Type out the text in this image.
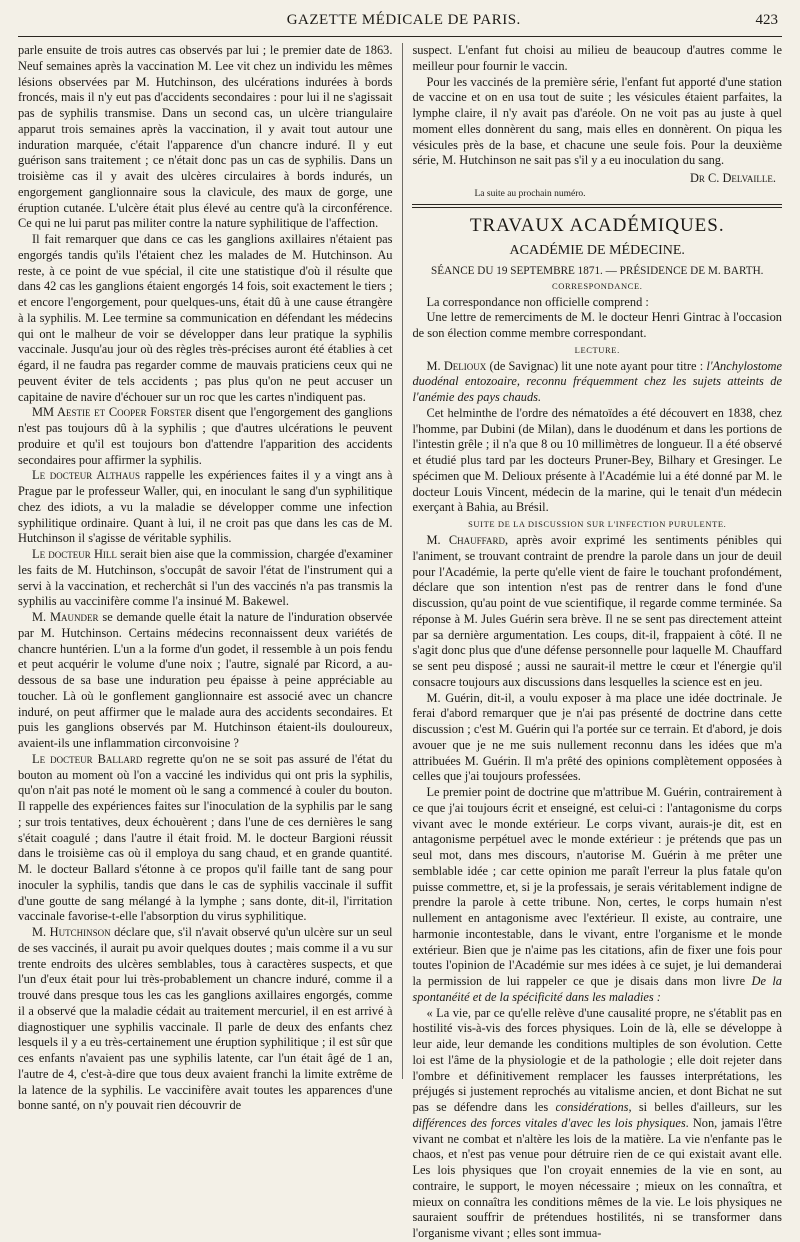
GAZETTE MÉDICALE DE PARIS.	423

parle ensuite de trois autres cas observés par lui ; le premier date de 1863. Neuf semaines après la vaccination M. Lee vit chez un individu les mêmes lésions observées par M. Hutchinson, des ulcérations indurées à bords froncés, mais il n'y eut pas d'accidents secondaires : pour lui il ne s'agissait pas de syphilis transmise. Dans un second cas, un ulcère triangulaire apparut trois semaines après la vaccination, il y avait tout autour une induration marquée, c'était l'apparence d'un chancre induré. Il y eut guérison sans traitement ; ce n'était donc pas un cas de syphilis. Dans un troisième cas il y avait des ulcères circulaires à bords indurés, un engorgement ganglionnaire sous la clavicule, des maux de gorge, une éruption cutanée. L'ulcère était plus élevé au centre qu'à la circonférence. Ce qui ne lui parut pas militer contre la nature syphilitique de l'affection.

Il fait remarquer que dans ce cas les ganglions axillaires n'étaient pas engorgés tandis qu'ils l'étaient chez les malades de M. Hutchinson. Au reste, à ce point de vue spécial, il cite une statistique d'où il résulte que dans 42 cas les ganglions étaient engorgés 14 fois, soit exactement le tiers ; et encore l'engorgement, pour quelques-uns, était dû à une cause étrangère à la syphilis. M. Lee termine sa communication en défendant les médecins qui ont le malheur de voir se développer dans leur pratique la syphilis vaccinale. Jusqu'au jour où des règles très-précises auront été établies à cet égard, il ne faudra pas regarder comme de mauvais praticiens ceux qui ne peuvent éviter de tels accidents ; pas plus qu'on ne peut accuser un capitaine de navire d'échouer sur un roc que les cartes n'indiquent pas.

MM Aestie et Cooper Forster disent que l'engorgement des ganglions n'est pas toujours dû à la syphilis ; que d'autres ulcérations le peuvent produire et qu'il est toujours bon d'attendre l'apparition des accidents secondaires pour affirmer la syphilis.

Le docteur Althaus rappelle les expériences faites il y a vingt ans à Prague par le professeur Waller, qui, en inoculant le sang d'un syphilitique chez des idiots, a vu la maladie se développer comme une infection syphilitique ordinaire. Quant à lui, il ne croit pas que dans les cas de M. Hutchinson il s'agisse de véritable syphilis.

Le docteur Hill serait bien aise que la commission, chargée d'examiner les faits de M. Hutchinson, s'occupât de savoir l'état de l'instrument qui a servi à la vaccination, et recherchât si l'un des vaccinés n'a pas transmis la syphilis au vaccinifère comme l'a insinué M. Bakewel.

M. Maunder se demande quelle était la nature de l'induration observée par M. Hutchinson. Certains médecins reconnaissent deux variétés de chancre huntérien. L'un a la forme d'un godet, il ressemble à un pois fendu et peut acquérir le volume d'une noix ; l'autre, signalé par Ricord, a au-dessous de sa base une induration peu épaisse à peine appréciable au toucher. Là où le gonflement ganglionnaire est associé avec un chancre induré, on peut affirmer que le malade aura des accidents secondaires. Et puis les ganglions observés par M. Hutchinson étaient-ils douloureux, avaient-ils une inflammation circonvoisine ?

Le docteur Ballard regrette qu'on ne se soit pas assuré de l'état du bouton au moment où l'on a vacciné les individus qui ont pris la syphilis, qu'on n'ait pas noté le moment où le sang a commencé à couler du bouton. Il rappelle des expériences faites sur l'inoculation de la syphilis par le sang ; sur trois tentatives, deux échouèrent ; dans l'une de ces dernières le sang s'était coagulé ; dans l'autre il était froid. M. le docteur Bargioni réussit dans le troisième cas où il employa du sang chaud, et en grande quantité. M. le docteur Ballard s'étonne à ce propos qu'il faille tant de sang pour inoculer la syphilis, tandis que dans le cas de syphilis vaccinale il suffit d'une goutte de sang mélangé à la lymphe ; sans donte, dit-il, l'irritation vaccinale favorise-t-elle l'absorption du virus syphilitique.

M. Hutchinson déclare que, s'il n'avait observé qu'un ulcère sur un seul de ses vaccinés, il aurait pu avoir quelques doutes ; mais comme il a vu sur trente endroits des ulcères semblables, tous à caractères suspects, et que l'un d'eux était pour lui très-probablement un chancre induré, comme il a trouvé dans presque tous les cas les ganglions axillaires engorgés, comme il a observé que la maladie cédait au traitement mercuriel, il en est arrivé à diagnostiquer une syphilis vaccinale. Il parle de deux des enfants chez lesquels il y a eu très-certainement une éruption syphilitique ; il est sûr que ces enfants n'avaient pas une syphilis latente, car l'un était âgé de 1 an, l'autre de 4, c'est-à-dire que tous deux avaient franchi la limite extrême de la latence de la syphilis. Le vaccinifère avait toutes les apparences d'une bonne santé, on n'y pouvait rien découvrir de

suspect. L'enfant fut choisi au milieu de beaucoup d'autres comme le meilleur pour fournir le vaccin.

Pour les vaccinés de la première série, l'enfant fut apporté d'une station de vaccine et on en usa tout de suite ; les vésicules étaient parfaites, la lymphe claire, il n'y avait pas d'aréole. On ne voit pas au juste à quel moment elles donnèrent du sang, mais elles en donnèrent. On piqua les vésicules près de la base, et chacune une seule fois. Pour la deuxième série, M. Hutchinson ne sait pas s'il y a eu inoculation du sang.

Dr C. Delvaille.
La suite au prochain numéro.
TRAVAUX ACADÉMIQUES.
ACADÉMIE DE MÉDECINE.
SÉANCE DU 19 SEPTEMBRE 1871. — PRÉSIDENCE DE M. BARTH.
CORRESPONDANCE.

La correspondance non officielle comprend :

Une lettre de remerciments de M. le docteur Henri Gintrac à l'occasion de son élection comme membre correspondant.

LECTURE.

M. Delioux (de Savignac) lit une note ayant pour titre : l'Anchylostome duodénal entozoaire, reconnu fréquemment chez les sujets atteints de l'anémie des pays chauds.

Cet helminthe de l'ordre des nématoïdes a été découvert en 1838, chez l'homme, par Dubini (de Milan), dans le duodénum et dans les portions de l'intestin grêle ; il n'a que 8 ou 10 millimètres de longueur. Il a été observé et étudié plus tard par les docteurs Pruner-Bey, Bilhary et Gresinger. Le spécimen que M. Delioux présente à l'Académie lui a été donné par M. le docteur Louis Vincent, médecin de la marine, qui le tenait d'un médecin exerçant à Bahia, au Brésil.

SUITE DE LA DISCUSSION SUR L'INFECTION PURULENTE.

M. Chauffard, après avoir exprimé les sentiments pénibles qui l'animent, se trouvant contraint de prendre la parole dans un jour de deuil pour l'Académie, la perte qu'elle vient de faire le touchant profondément, déclare que son intention n'est pas de rentrer dans le fond d'une discussion, qu'au point de vue scientifique, il regarde comme terminée. Sa réponse à M. Jules Guérin sera brève. Il ne se sent pas directement atteint par sa dernière argumentation. Les coups, dit-il, frappaient à côté. Il ne s'agit donc plus que d'une défense personnelle pour laquelle M. Chauffard se sent peu disposé ; aussi ne saurait-il mettre le cœur et l'énergie qu'il consacre toujours aux discussions dans lesquelles la science est en jeu.

M. Guérin, dit-il, a voulu exposer à ma place une idée doctrinale. Je ferai d'abord remarquer que je n'ai pas présenté de doctrine dans cette discussion ; c'est M. Guérin qui l'a portée sur ce terrain. Et d'abord, je dois avouer que je ne me suis nullement reconnu dans les idées que m'a attribuées M. Guérin. Il m'a prêté des opinions complètement opposées à celles que j'ai toujours professées.

Le premier point de doctrine que m'attribue M. Guérin, contrairement à ce que j'ai toujours écrit et enseigné, est celui-ci : l'antagonisme du corps vivant avec le monde extérieur. Le corps vivant, aurais-je dit, est en antagonisme perpétuel avec le monde extérieur : je prétends que pas un seul mot, dans mes discours, n'autorise M. Guérin à me prêter une semblable idée ; car cette opinion me paraît l'erreur la plus fatale qu'on puisse commettre, et, si je la professais, je serais véritablement indigne de prendre la parole à cette tribune. Non, certes, le corps humain n'est nullement en antagonisme avec l'extérieur. Il existe, au contraire, une harmonie incontestable, dans le vivant, entre l'organisme et le monde extérieur. Bien que je n'aime pas les citations, afin de fixer une fois pour toutes l'opinion de l'Académie sur mes idées à ce sujet, je lui demanderai la permission de lui rappeler ce que je disais dans mon livre De la spontanéité et de la spécificité dans les maladies :

« La vie, par ce qu'elle relève d'une causalité propre, ne s'établit pas en hostilité vis-à-vis des forces physiques. Loin de là, elle se développe à leur aide, leur demande les conditions multiples de son évolution. Cette loi est l'âme de la physiologie et de la pathologie ; elle doit rejeter dans l'ombre et définitivement remplacer les fausses interprétations, les préjugés si justement reprochés au vitalisme ancien, et dont Bichat ne sut pas se défendre dans les considérations, si belles d'ailleurs, sur les différences des forces vitales d'avec les lois physiques. Non, jamais l'être vivant ne combat et n'altère les lois de la matière. La vie n'enfante pas le chaos, et n'est pas venue pour détruire rien de ce qui existait avant elle. Les lois physiques que l'on croyait ennemies de la vie en sont, au contraire, le support, le moyen nécessaire ; mieux on les connaîtra, et mieux on connaîtra les conditions mêmes de la vie. Le lois physiques ne sauraient souffrir de prétendues hostilités, ni se transformer dans l'organisme vivant ; elles sont immua-
